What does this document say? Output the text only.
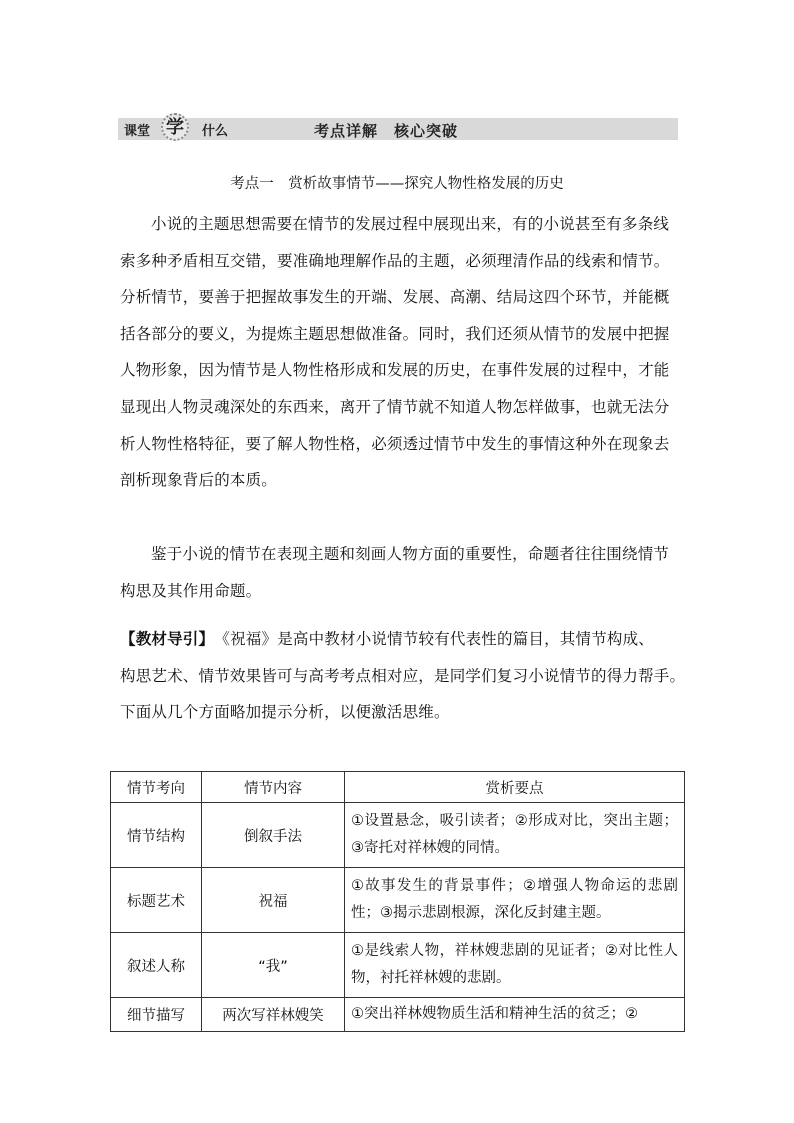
课堂 学	什么	考点详解　核心突破
考点一　赏析故事情节——探究人物性格发展的历史

小说的主题思想需要在情节的发展过程中展现出来，有的小说甚至有多条线
索多种矛盾相互交错，要准确地理解作品的主题，必须理清作品的线索和情节。
分析情节，要善于把握故事发生的开端、发展、高潮、结局这四个环节，并能概
括各部分的要义，为提炼主题思想做准备。同时，我们还须从情节的发展中把握
人物形象，因为情节是人物性格形成和发展的历史，在事件发展的过程中，才能
显现出人物灵魂深处的东西来，离开了情节就不知道人物怎样做事，也就无法分
析人物性格特征，要了解人物性格，必须透过情节中发生的事情这种外在现象去
剖析现象背后的本质。

鉴于小说的情节在表现主题和刻画人物方面的重要性，命题者往往围绕情节
构思及其作用命题。

【教材导引】　《祝福》是高中教材小说情节较有代表性的篇目，其情节构成、
构思艺术、情节效果皆可与高考考点相对应，是同学们复习小说情节的得力帮手。
下面从几个方面略加提示分析，以便激活思维。

情节考向	情节内容	赏析要点
情节结构	倒叙手法	①设置悬念，吸引读者；②形成对比，突出主题；③寄托对祥林嫂的同情。
标题艺术	祝福	①故事发生的背景事件；②增强人物命运的悲剧性；③揭示悲剧根源，深化反封建主题。
叙述人称	“我”	①是线索人物，祥林嫂悲剧的见证者；②对比性人物，衬托祥林嫂的悲剧。
细节描写	两次写祥林嫂笑	①突出祥林嫂物质生活和精神生活的贫乏；②
